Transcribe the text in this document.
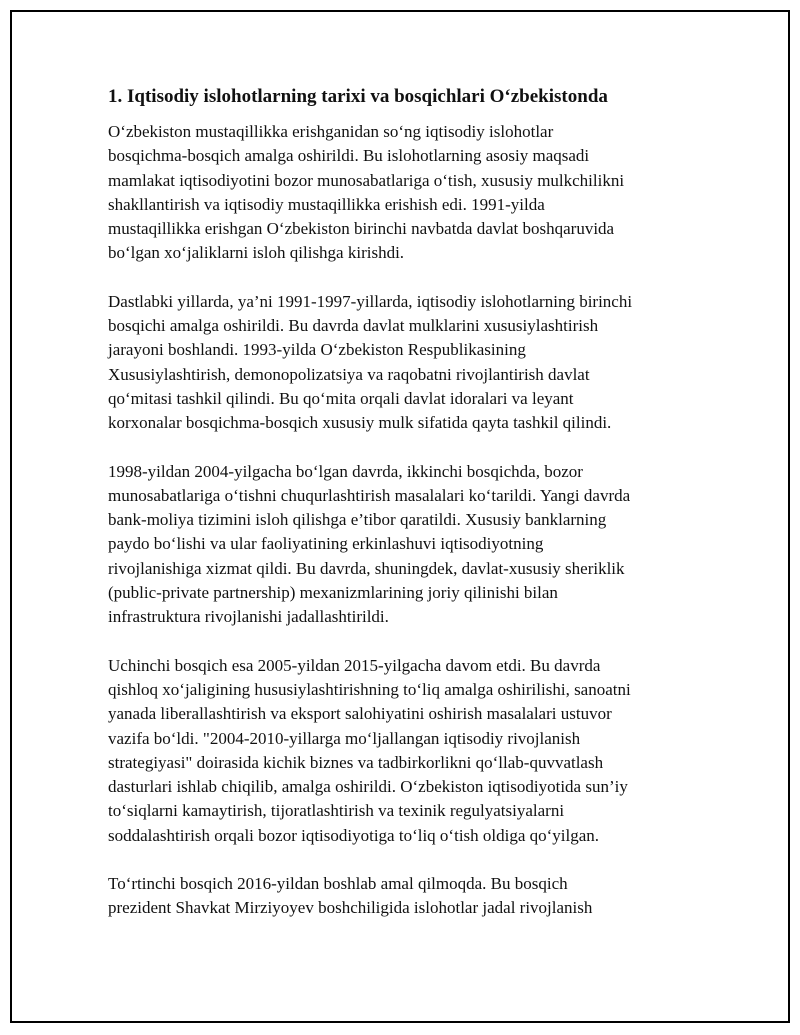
1. Iqtisodiy islohotlarning tarixi va bosqichlari O‘zbekistonda

O‘zbekiston mustaqillikka erishganidan so‘ng iqtisodiy islohotlar
bosqichma-bosqich amalga oshirildi. Bu islohotlarning asosiy maqsadi
mamlakat iqtisodiyotini bozor munosabatlariga o‘tish, xususiy mulkchilikni
shakllantirish va iqtisodiy mustaqillikka erishish edi. 1991-yilda
mustaqillikka erishgan O‘zbekiston birinchi navbatda davlat boshqaruvida
bo‘lgan xo‘jaliklarni isloh qilishga kirishdi.

Dastlabki yillarda, ya’ni 1991-1997-yillarda, iqtisodiy islohotlarning birinchi
bosqichi amalga oshirildi. Bu davrda davlat mulklarini xususiylashtirish
jarayoni boshlandi. 1993-yilda O‘zbekiston Respublikasining
Xususiylashtirish, demonopolizatsiya va raqobatni rivojlantirish davlat
qo‘mitasi tashkil qilindi. Bu qo‘mita orqali davlat idoralari va leyant
korxonalar bosqichma-bosqich xususiy mulk sifatida qayta tashkil qilindi.

1998-yildan 2004-yilgacha bo‘lgan davrda, ikkinchi bosqichda, bozor
munosabatlariga o‘tishni chuqurlashtirish masalalari ko‘tarildi. Yangi davrda
bank-moliya tizimini isloh qilishga e’tibor qaratildi. Xususiy banklarning
paydo bo‘lishi va ular faoliyatining erkinlashuvi iqtisodiyotning
rivojlanishiga xizmat qildi. Bu davrda, shuningdek, davlat-xususiy sheriklik
(public-private partnership) mexanizmlarining joriy qilinishi bilan
infrastruktura rivojlanishi jadallashtirildi.

Uchinchi bosqich esa 2005-yildan 2015-yilgacha davom etdi. Bu davrda
qishloq xo‘jaligining hususiylashtirishning to‘liq amalga oshirilishi, sanoatni
yanada liberallashtirish va eksport salohiyatini oshirish masalalari ustuvor
vazifa bo‘ldi. "2004-2010-yillarga mo‘ljallangan iqtisodiy rivojlanish
strategiyasi" doirasida kichik biznes va tadbirkorlikni qo‘llab-quvvatlash
dasturlari ishlab chiqilib, amalga oshirildi. O‘zbekiston iqtisodiyotida sun’iy
to‘siqlarni kamaytirish, tijoratlashtirish va texinik regulyatsiyalarni
soddalashtirish orqali bozor iqtisodiyotiga to‘liq o‘tish oldiga qo‘yilgan.

To‘rtinchi bosqich 2016-yildan boshlab amal qilmoqda. Bu bosqich
prezident Shavkat Mirziyoyev boshchiligida islohotlar jadal rivojlanish
